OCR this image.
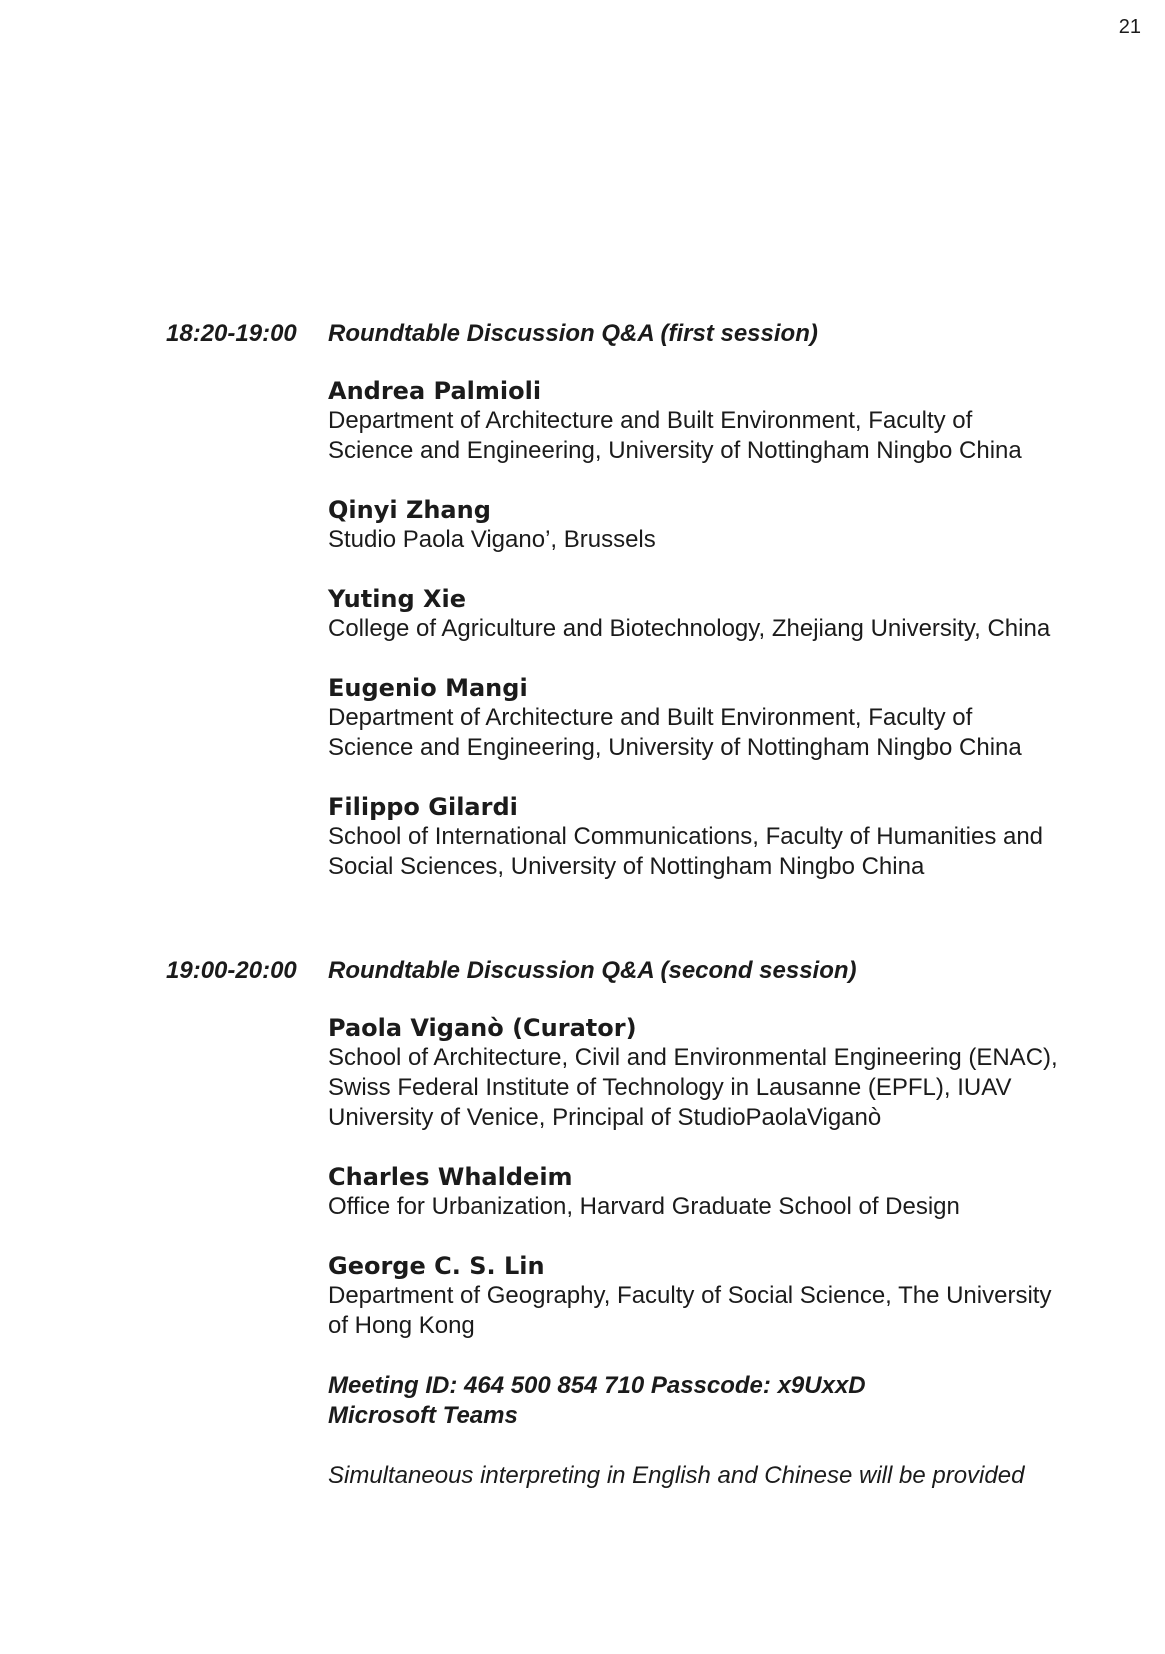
21
18:20-19:00	Roundtable Discussion Q&A (first session)
Andrea Palmioli
Department of Architecture and Built Environment, Faculty of
Science and Engineering, University of Nottingham Ningbo China
Qinyi Zhang
Studio Paola Vigano’, Brussels
Yuting Xie
College of Agriculture and Biotechnology, Zhejiang University, China
Eugenio Mangi
Department of Architecture and Built Environment, Faculty of
Science and Engineering, University of Nottingham Ningbo China
Filippo Gilardi
School of International Communications, Faculty of Humanities and
Social Sciences, University of Nottingham Ningbo China
19:00-20:00	Roundtable Discussion Q&A (second session)
Paola Viganò (Curator)
School of Architecture, Civil and Environmental Engineering (ENAC),
Swiss Federal Institute of Technology in Lausanne (EPFL), IUAV
University of Venice, Principal of StudioPaolaViganò
Charles Whaldeim
Office for Urbanization, Harvard Graduate School of Design
George C. S. Lin
Department of Geography, Faculty of Social Science, The University
of Hong Kong
Meeting ID: 464 500 854 710 Passcode: x9UxxD
Microsoft Teams
Simultaneous interpreting in English and Chinese will be provided
